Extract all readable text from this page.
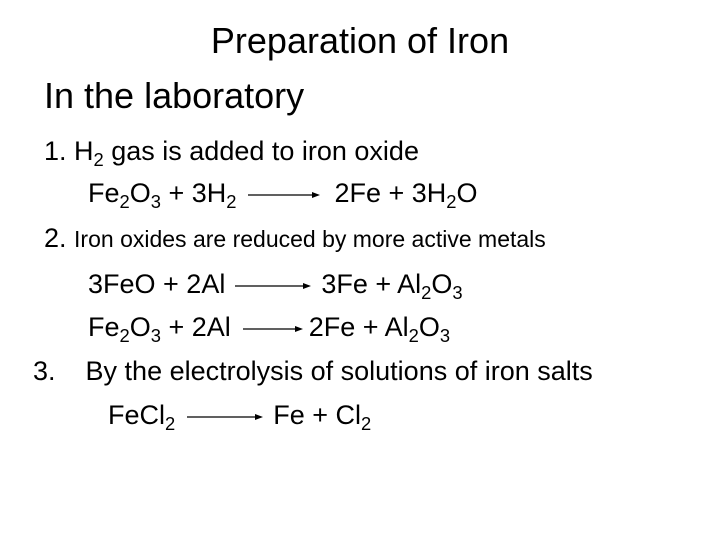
Preparation of Iron
In the laboratory
1. $H_2$ gas is added to iron oxide
$Fe_2O_3 + 3H_2$	$2Fe + 3H_2O$
2. Iron oxides are reduced by more active metals
3FeO + 2Al	$3Fe + Al_2O_3$
$Fe_2O_3 + 2Al$	$2Fe + Al_2O_3$
3. By the electrolysis of solutions of iron salts
FeCl$_2$	$Fe + Cl_2$
